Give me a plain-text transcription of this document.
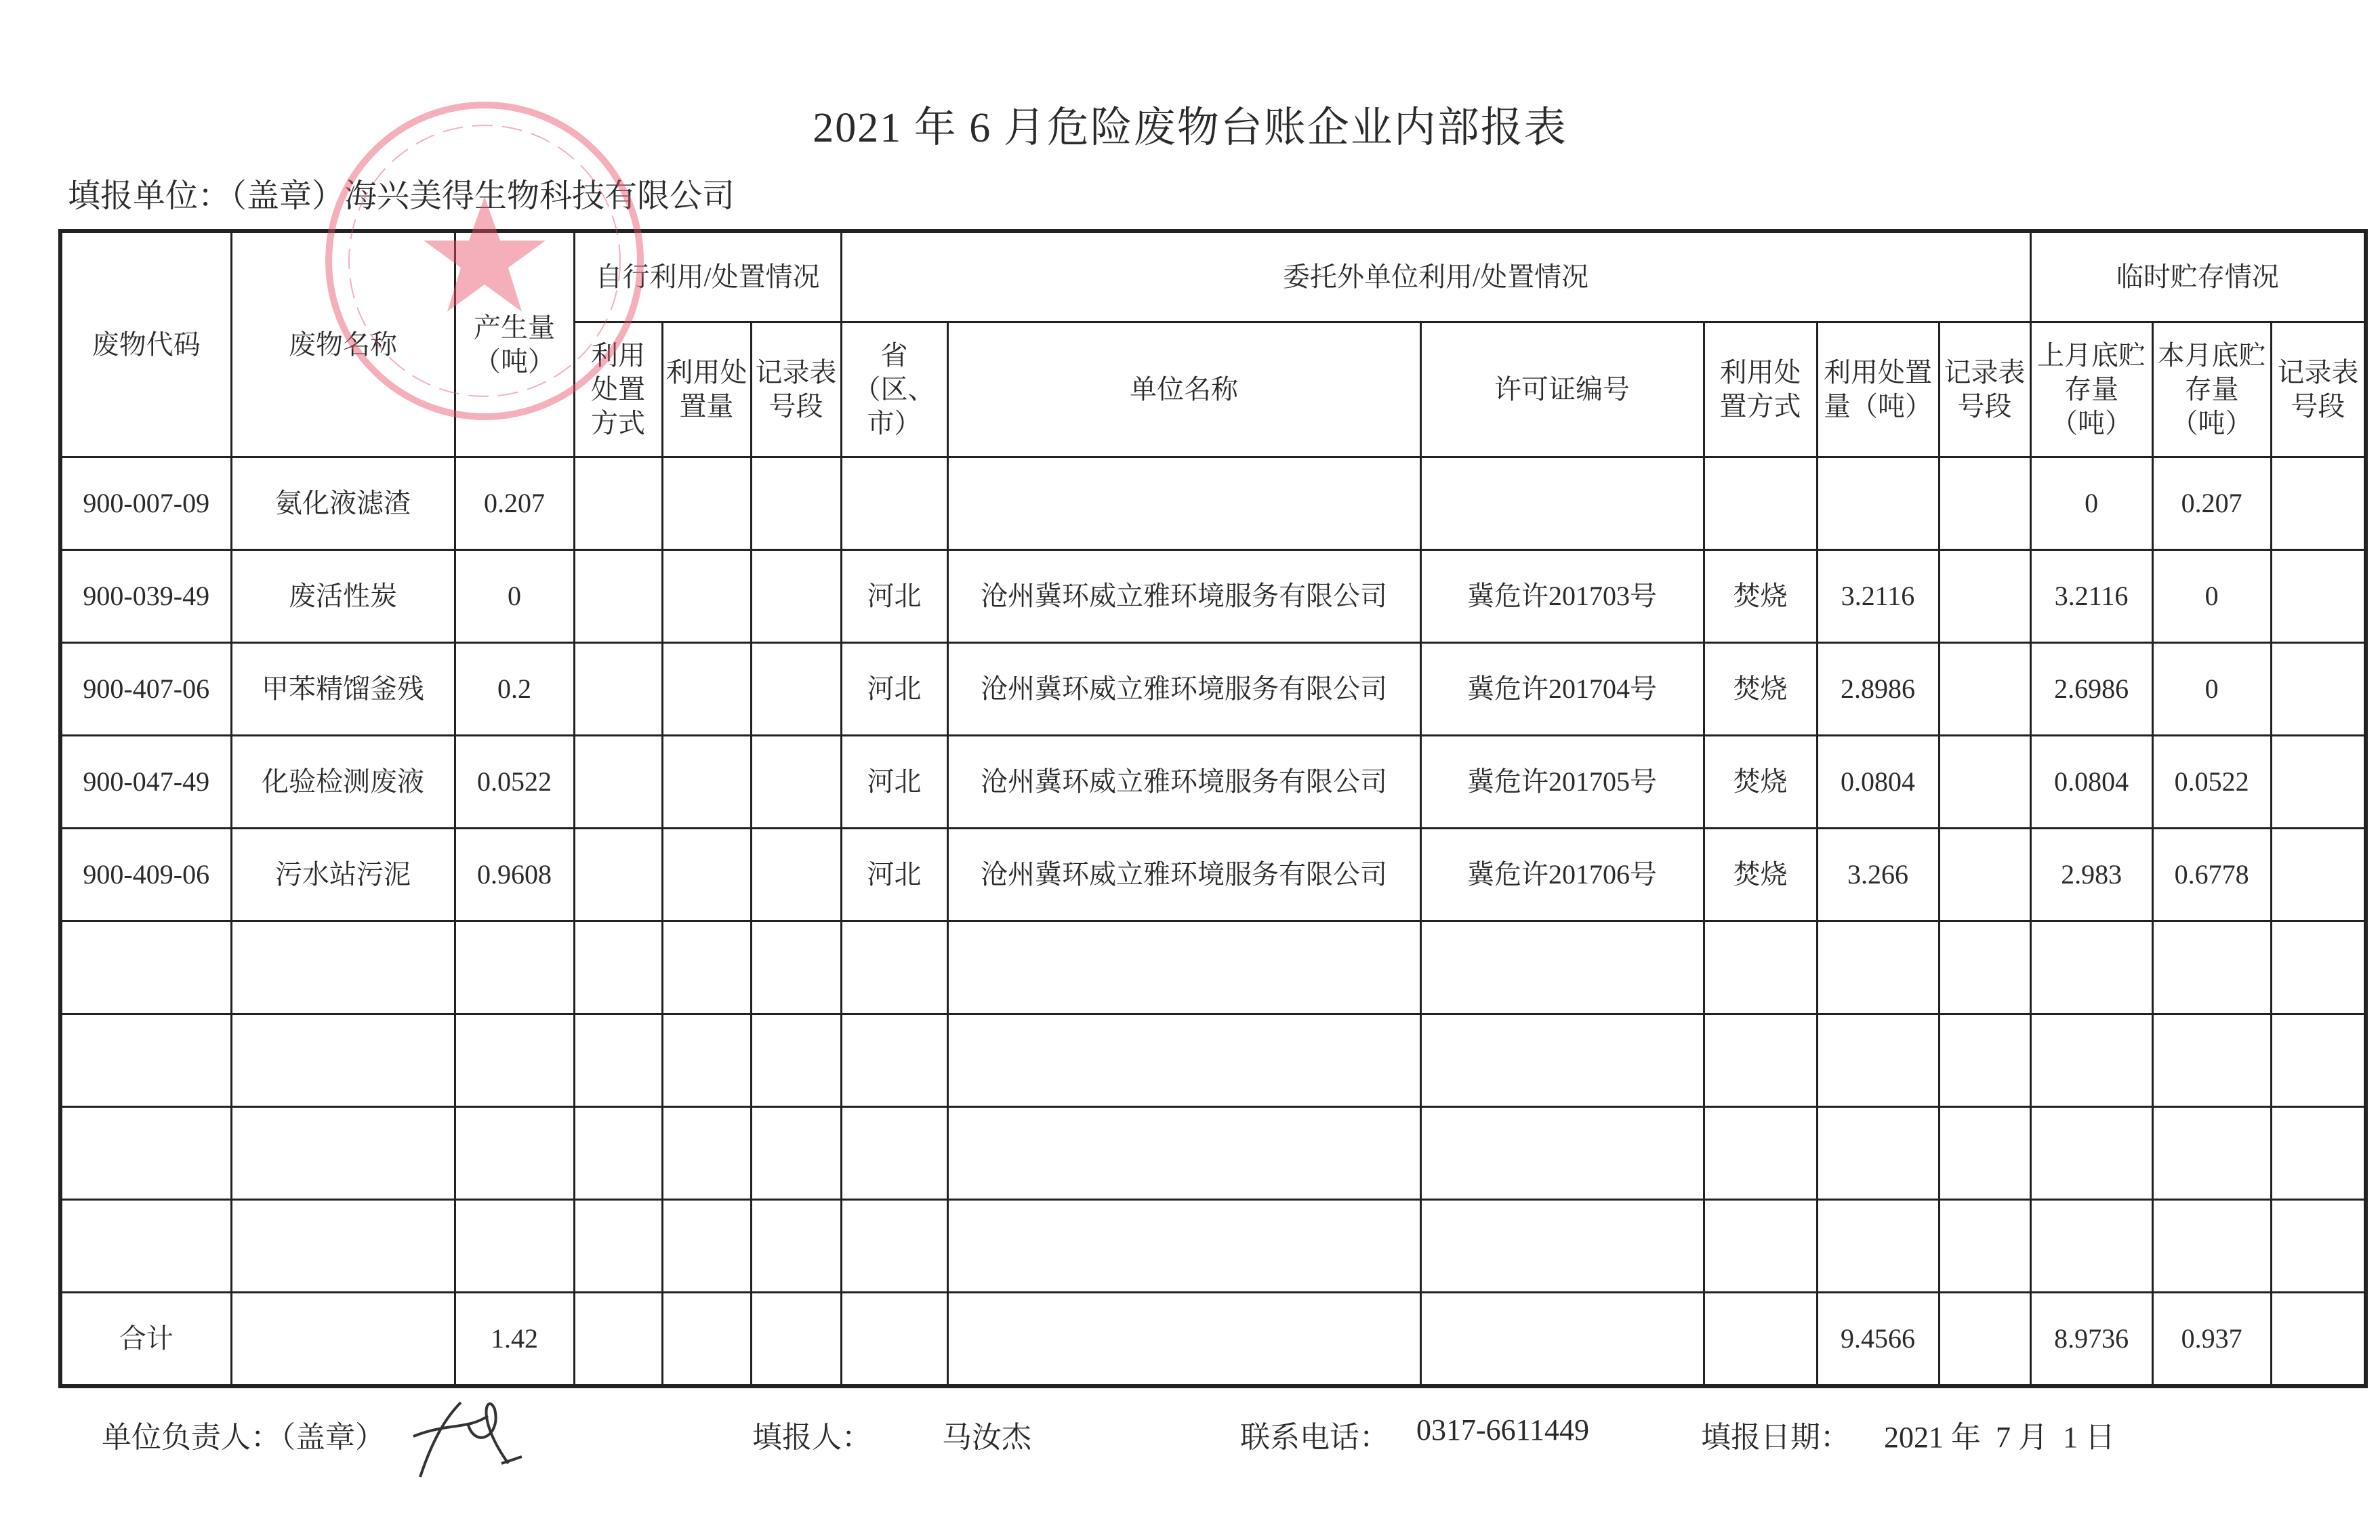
2021 年 6 月危险废物台账企业内部报表
填报单位：（盖章）海兴美得生物科技有限公司
废物代码	废物名称	产生量（吨）	自行利用/处置情况			委托外单位利用/处置情况						临时贮存情况		
			利用处置方式	利用处置量	记录表号段	省（区、市）	单位名称	许可证编号	利用处置方式	利用处置量（吨）	记录表号段	上月底贮存量（吨）	本月底贮存量（吨）	记录表号段
900-007-09	氨化液滤渣	0.207										0	0.207	
900-039-49	废活性炭	0				河北	沧州冀环威立雅环境服务有限公司	冀危许201703号	焚烧	3.2116		3.2116	0	
900-407-06	甲苯精馏釜残	0.2				河北	沧州冀环威立雅环境服务有限公司	冀危许201704号	焚烧	2.8986		2.6986	0	
900-047-49	化验检测废液	0.0522				河北	沧州冀环威立雅环境服务有限公司	冀危许201705号	焚烧	0.0804		0.0804	0.0522	
900-409-06	污水站污泥	0.9608				河北	沧州冀环威立雅环境服务有限公司	冀危许201706号	焚烧	3.266		2.983	0.6778	

合计		1.42								9.4566		8.9736	0.937	
单位负责人：（盖章）	填报人： 马汝杰	联系电话： 0317-6611449	填报日期： 2021 年  7 月  1 日
